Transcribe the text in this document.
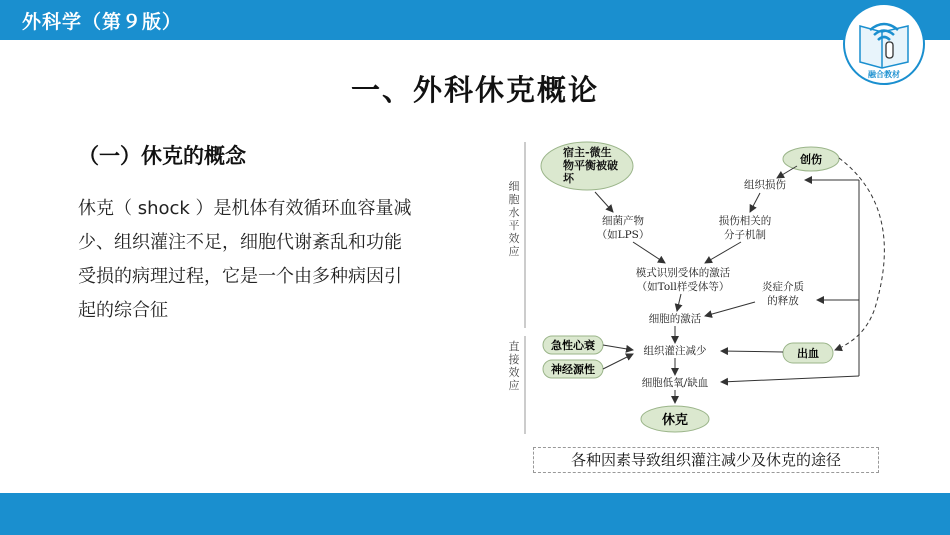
外科学（第９版）
融合教材
一、外科休克概论
（一）休克的概念
休克（ shock ）是机体有效循环血容量减
少、组织灌注不足，细胞代谢紊乱和功能
受损的病理过程，它是一个由多种病因引
起的综合征
细
胞
水
平
效
应
直
接
效
应
宿主-微生
物平衡被破
坏
创伤
组织损伤
细菌产物
（如LPS）
损伤相关的
分子机制
模式识别受体的激活
（如Toll样受体等）	炎症介质
的释放
细胞的激活
组织灌注减少
细胞低氧/缺血
急性心衰
神经源性
出血
休克
各种因素导致组织灌注减少及休克的途径
